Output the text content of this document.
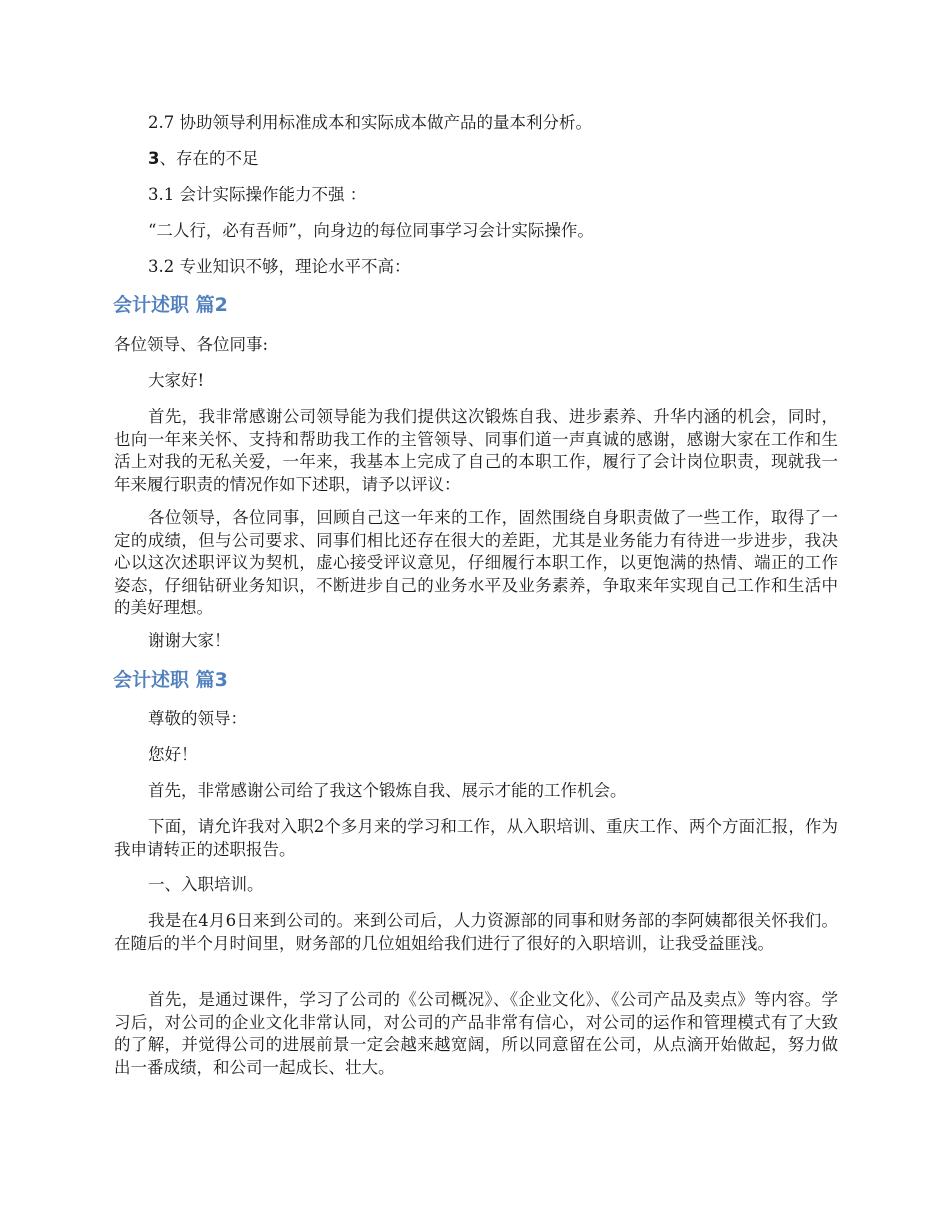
2.7 协助领导利用标准成本和实际成本做产品的量本利分析。

3、存在的不足

3.1 会计实际操作能力不强 ：

“二人行，必有吾师”，向身边的每位同事学习会计实际操作。

3.2 专业知识不够，理论水平不高：

会计述职 篇2

各位领导、各位同事:

大家好!

首先，我非常感谢公司领导能为我们提供这次锻炼自我、进步素养、升华内涵的机会，同时，也向一年来关怀、支持和帮助我工作的主管领导、同事们道一声真诚的感谢，感谢大家在工作和生活上对我的无私关爱，一年来，我基本上完成了自己的本职工作，履行了会计岗位职责，现就我一年来履行职责的情况作如下述职，请予以评议：

各位领导，各位同事，回顾自己这一年来的工作，固然围绕自身职责做了一些工作，取得了一定的成绩，但与公司要求、同事们相比还存在很大的差距，尤其是业务能力有待进一步进步，我决心以这次述职评议为契机，虚心接受评议意见，仔细履行本职工作，以更饱满的热情、端正的工作姿态，仔细钻研业务知识，不断进步自己的业务水平及业务素养，争取来年实现自己工作和生活中的美好理想。

谢谢大家！

会计述职 篇3

尊敬的领导：

您好！

首先，非常感谢公司给了我这个锻炼自我、展示才能的工作机会。

下面，请允许我对入职2个多月来的学习和工作，从入职培训、重庆工作、两个方面汇报，作为我申请转正的述职报告。

一、入职培训。

我是在4月6日来到公司的。来到公司后，人力资源部的同事和财务部的李阿姨都很关怀我们。在随后的半个月时间里，财务部的几位姐姐给我们进行了很好的入职培训，让我受益匪浅。

首先，是通过课件，学习了公司的《公司概况》、《企业文化》、《公司产品及卖点》等内容。学习后，对公司的企业文化非常认同，对公司的产品非常有信心，对公司的运作和管理模式有了大致的了解，并觉得公司的进展前景一定会越来越宽阔，所以同意留在公司，从点滴开始做起，努力做出一番成绩，和公司一起成长、壮大。
